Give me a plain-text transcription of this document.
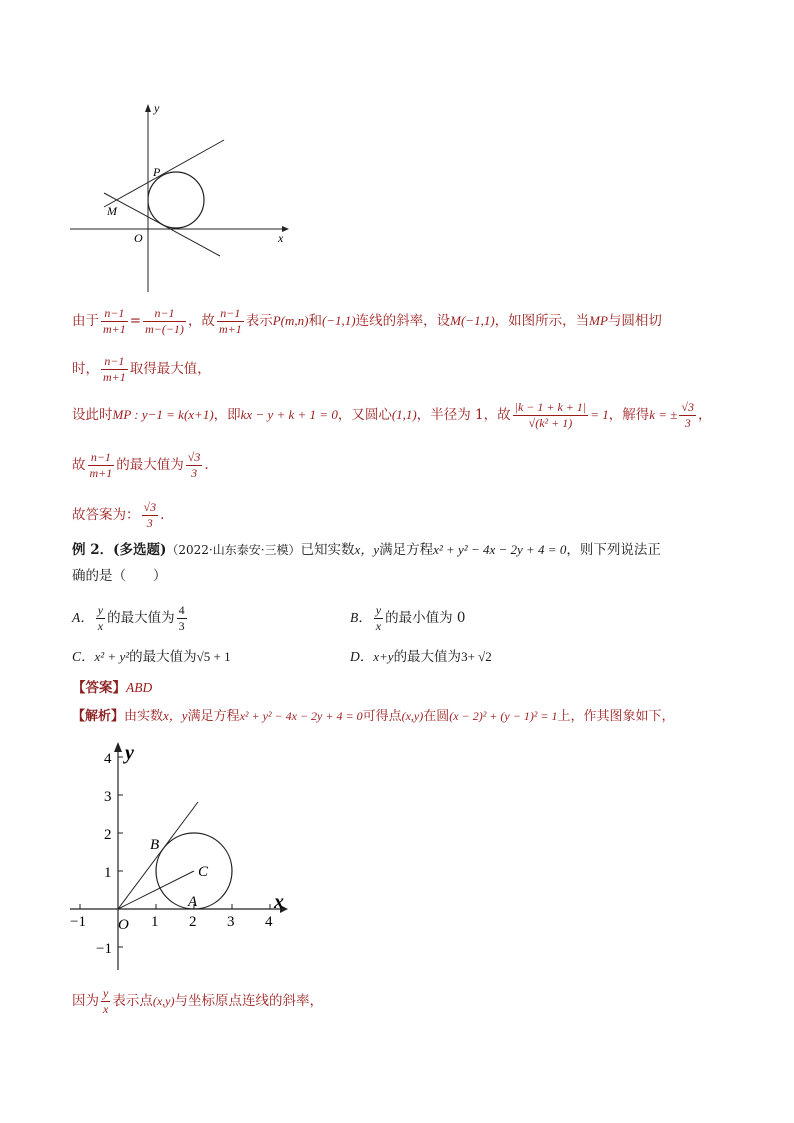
y
x
O
P
M
由于 $\frac{n-1}{m+1} = \frac{n-1}{m-(-1)}$ ，故 $\frac{n-1}{m+1}$ 表示P(m,n)和(−1,1)连线的斜率，设M(−1,1)，如图所示，当MP与圆相切
时， $\frac{n-1}{m+1}$ 取得最大值，
设此时MP : y−1 = k(x+1)，即kx − y + k + 1 = 0，又圆心(1,1)，半径为 1，故 $\frac{|k - 1 + k + 1|}{\text{√(k² + 1)}} = 1$，解得k = ± $\frac{√3}{3}$ ，
故 $\frac{n-1}{m+1}$ 的最大值为 $\frac{√3}{3}$ .
故答案为： $\frac{√3}{3}$ .
例 2．(多选题)（2022·山东泰安·三模）已知实数x，y满足方程x² + y² − 4x − 2y + 4 = 0，则下列说法正
确的是（　　）
A． $\frac{y}{x}$ 的最大值为 $\frac{4}{3}$	B． $\frac{y}{x}$ 的最小值为 0
C．x² + y²的最大值为√5 + 1	D．x+y的最大值为3+ √2
【答案】ABD
【解析】由实数x，y满足方程x² + y² − 4x − 2y + 4 = 0可得点(x,y)在圆(x − 2)² + (y − 1)² = 1上，作其图象如下，
y
x
O
B
C
A
−1	1 2 3 4
4
3
2
1
−1
因为 $\frac{y}{x}$ 表示点(x,y)与坐标原点连线的斜率，
